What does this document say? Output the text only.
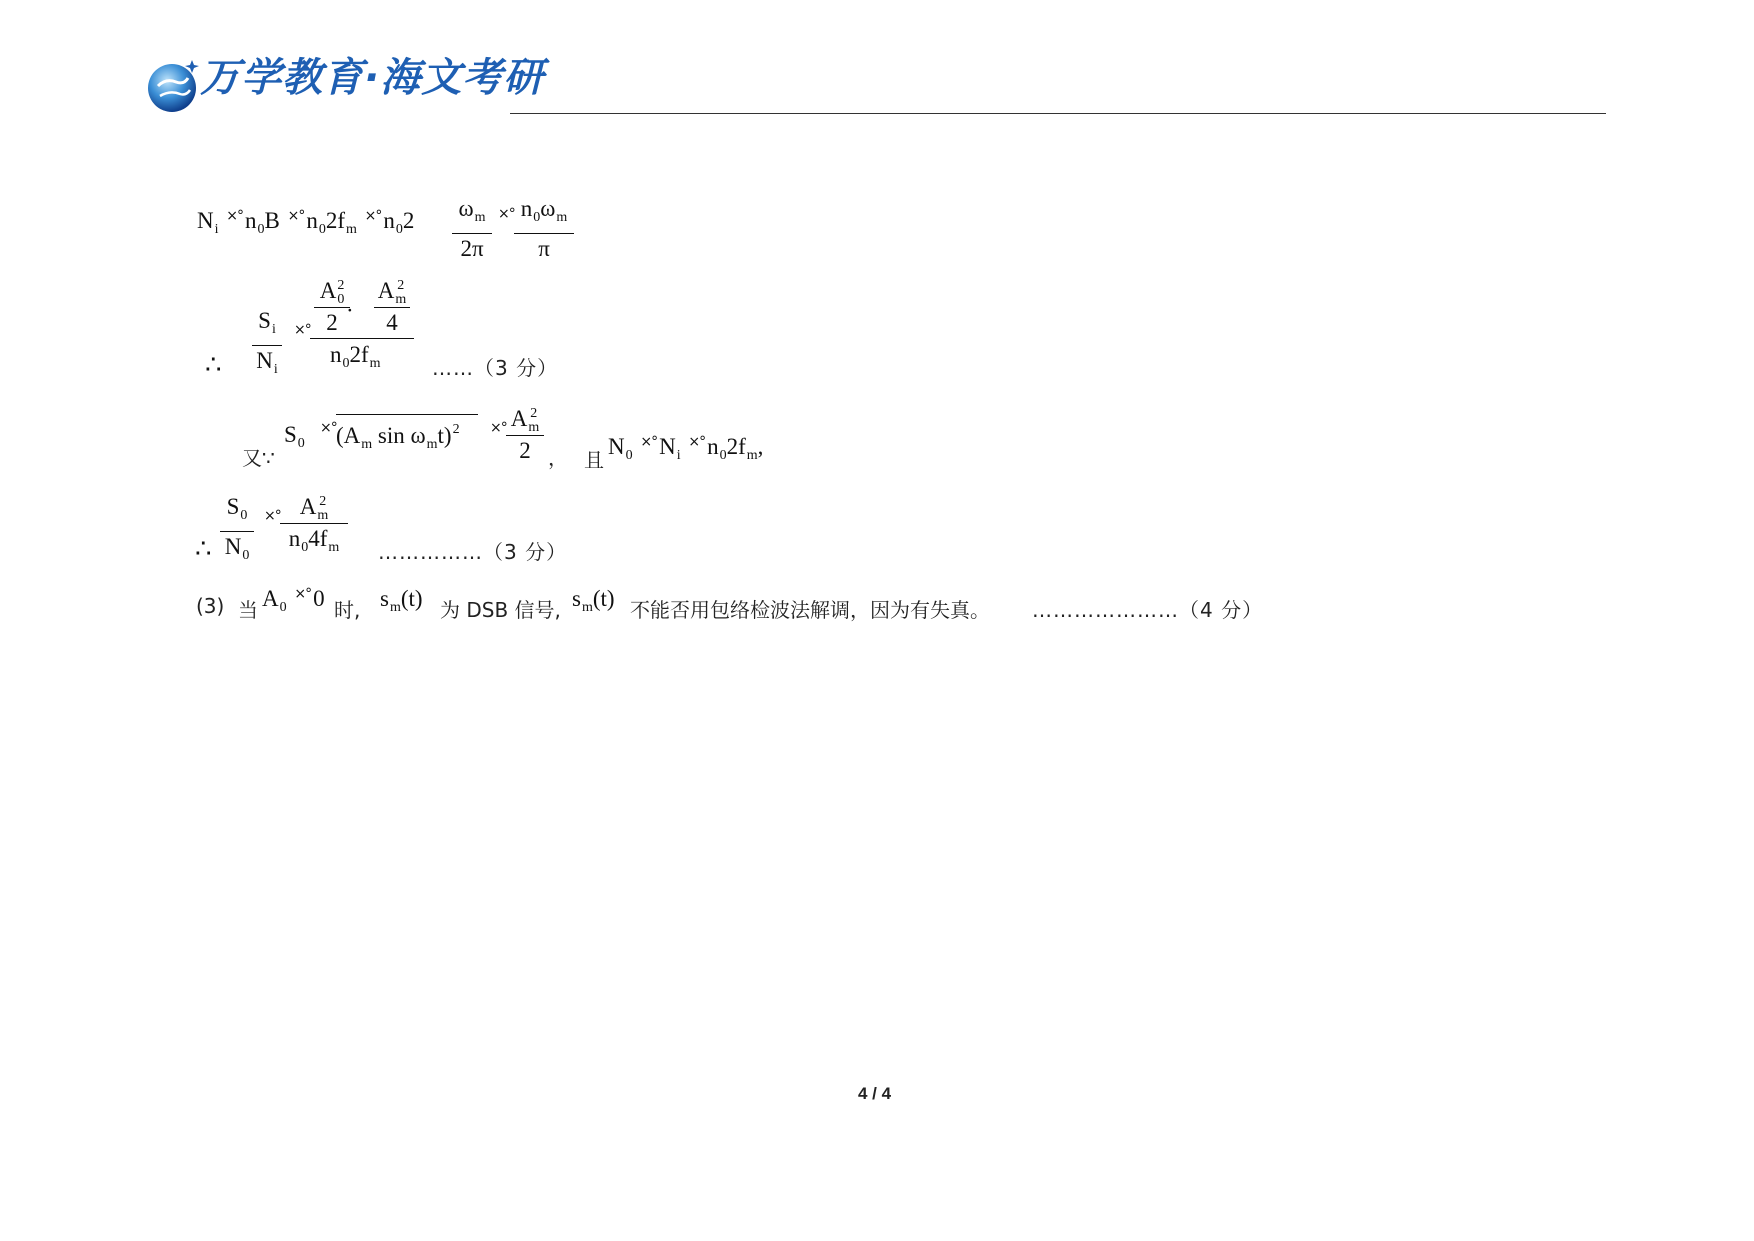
万学教育·海文考研
$N_i$ $^{\times^\circ}n_0B$ $^{\times^\circ}n_02f_m$ $^{\times^\circ}n_02$ $\omega_m$
2π
×° $n_0\omega_m$
π
∴
$S_i$
$N_i$
×°
A 2
0
2 ·
A 2
m
4
$n_02f_m$	……（3 分）
又∵
$S_0$
×° ($A_m$ $\sin \omega_mt)^2$ ×° A 2
m
2 ， 且
$N_0$ $^{\times^\circ}N_i$ $^{\times^\circ}n_02f_m$,
∴
$S_0$
$N_0$
×° A 2
m
$n_04f_m$	……………（3 分）
(3) 当 $A_0$ ×°0 时, $s_m(t)$ 为 DSB 信号, $s_m(t)$ 不能否用包络检波法解调，因为有失真。 …………………（4 分）
4 / 4
